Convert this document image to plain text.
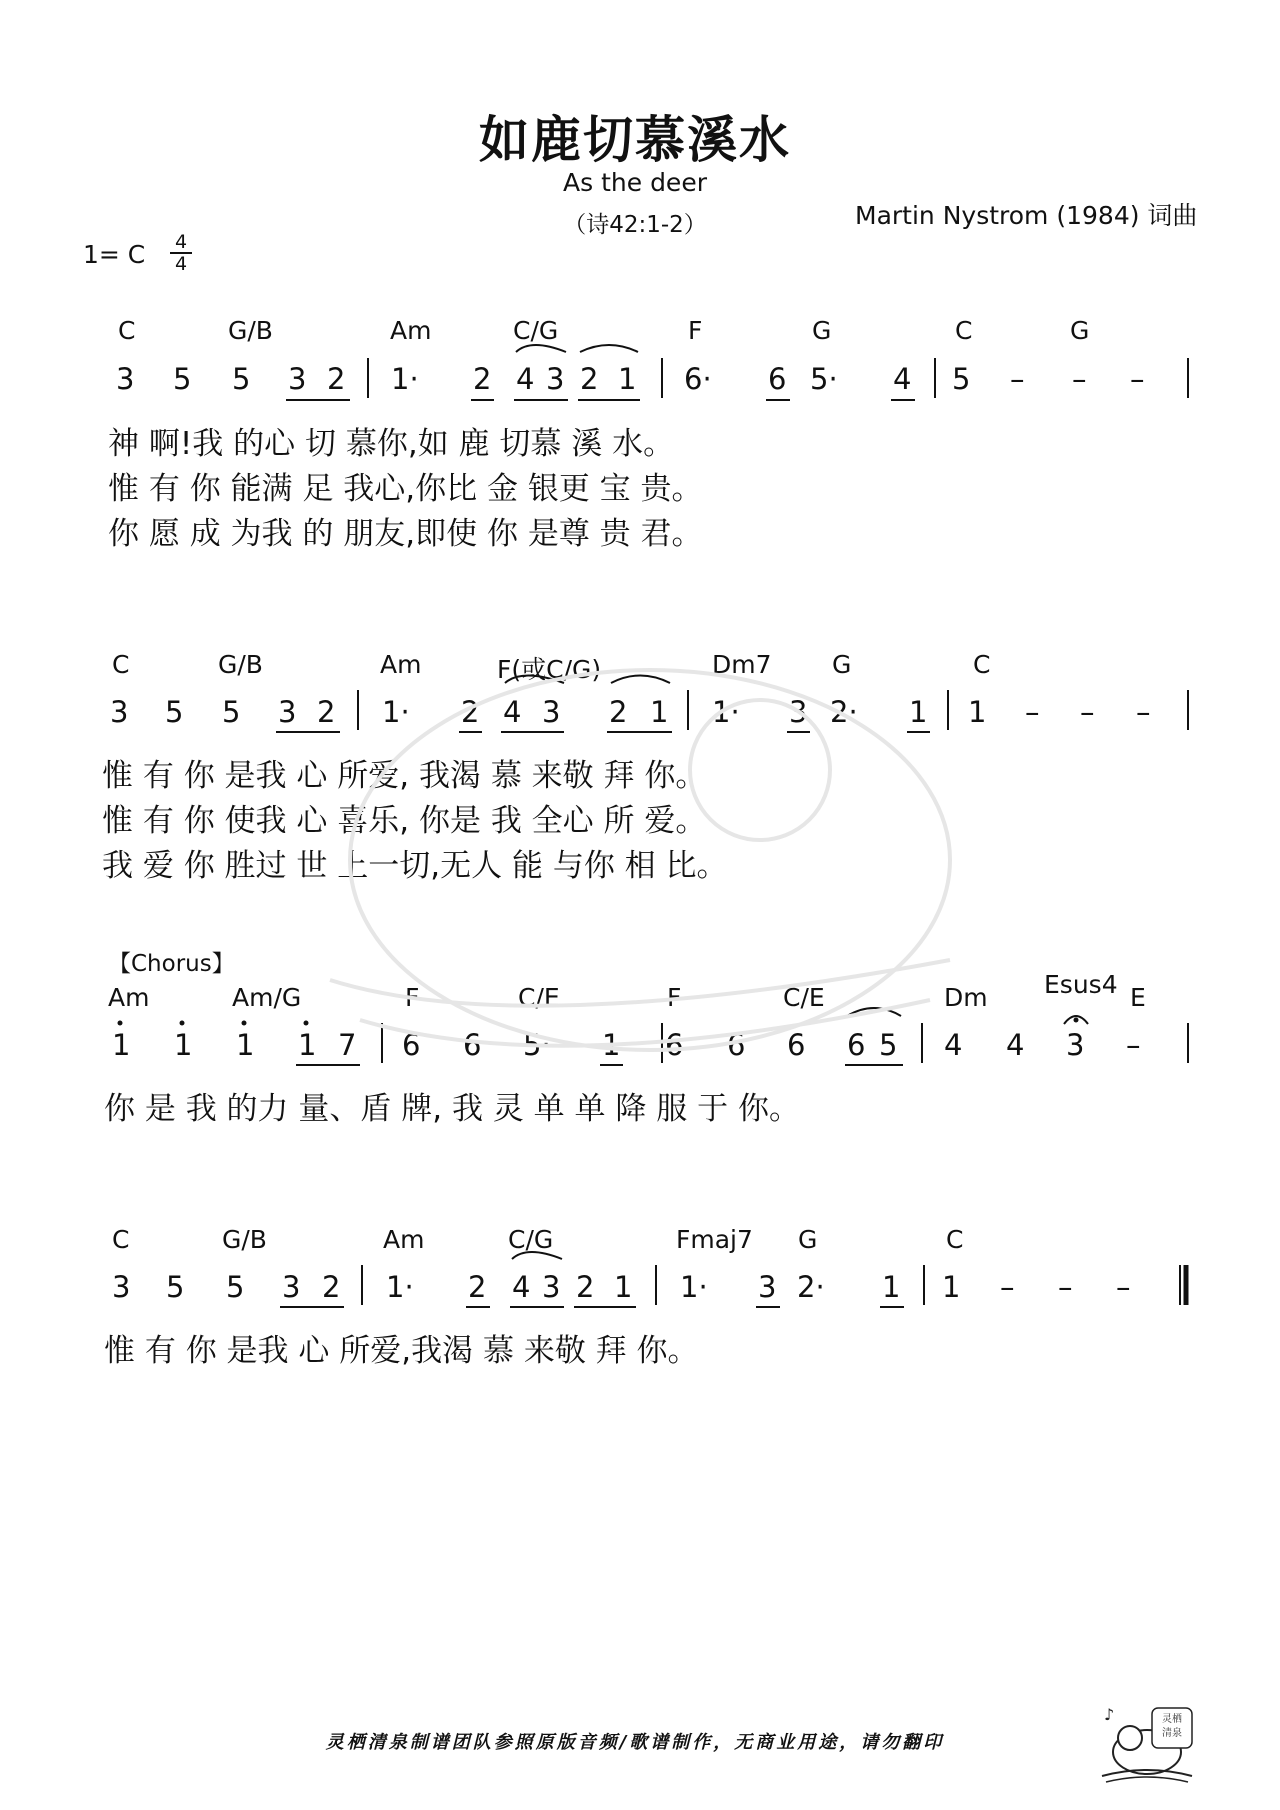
如鹿切慕溪水
As the deer
（诗42:1-2）	Martin Nystrom (1984) 词曲
1= C	4
4
C	G/B	Am	C/G	F	G	C	G
3 5 5 3 2 1· 2 4 3 2 1 6· 6 5· 4 5 – – –
神 啊!我 的心 切 慕你,如 鹿 切慕 溪 水。
惟 有 你 能满 足 我心,你比 金 银更 宝 贵。
你 愿 成 为我 的 朋友,即使 你 是尊 贵 君。
C	G/B	Am	F(或C/G)	Dm7 G	C
3 5 5 3 2 1· 2 4 3 2 1 1· 3 2· 1 1 – – –
惟 有 你 是我 心 所爱, 我渴 慕 来敬 拜 你。
惟 有 你 使我 心 喜乐, 你是 我 全心 所 爱。
我 爱 你 胜过 世 上一切,无人 能 与你 相 比。
【Chorus】
Am	Am/G	F	C/E	F	C/E	Dm Esus4 E
1 1 1 1 7 6 6 5· 1 6 6 6 6 5 4 4 3 –
你 是 我 的力 量、盾 牌, 我 灵 单 单 降 服 于 你。
C	G/B	Am	C/G	Fmaj7 G	C
3 5 5 3 2 1· 2 4 3 2 1 1· 3 2· 1 1 – – –
惟 有 你 是我 心 所爱,我渴 慕 来敬 拜 你。
灵栖清泉制谱团队参照原版音频/歌谱制作，无商业用途，请勿翻印
灵栖
清泉
♪
